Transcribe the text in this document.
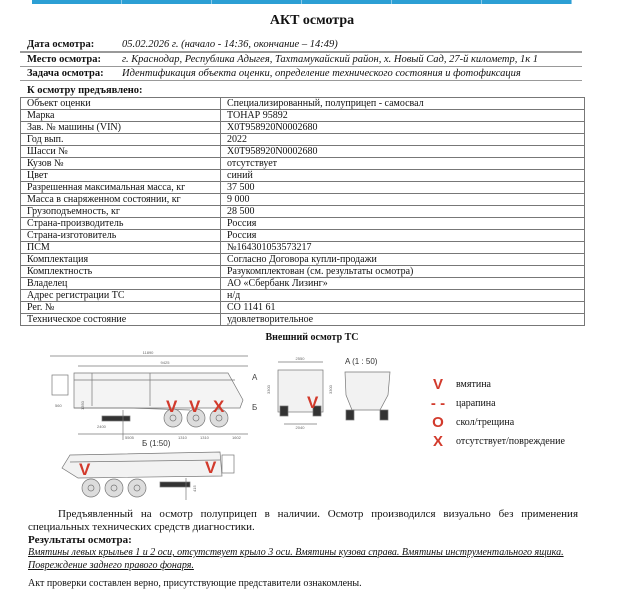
АКТ осмотра
Дата осмотра:	05.02.2026 г. (начало - 14:36, окончание – 14:49)
Место осмотра:	г. Краснодар, Республика Адыгея, Тахтамукайский район, х. Новый Сад, 27-й километр, 1к 1
Задача осмотра:	Идентификация объекта оценки, определение технического состояния и фотофиксация
К осмотру предъявлено:
Объект оценки	Специализированный, полуприцеп - самосвал
Марка	ТОНАР 95892
Зав. № машины (VIN)	X0T958920N0002680
Год вып.	2022
Шасси №	X0T958920N0002680
Кузов №	отсутствует
Цвет	синий
Разрешенная максимальная масса, кг	37 500
Масса в снаряженном состоянии, кг	9 000
Грузоподъемность, кг	28 500
Страна-производитель	Россия
Страна-изготовитель	Россия
ПСМ	№164301053573217
Комплектация	Согласно Договора купли-продажи
Комплектность	Разукомплектован (см. результаты осмотра)
Владелец	АО «Сбербанк Лизинг»
Адрес регистрации ТС	н/д
Рег. №	СО 1141 61
Техническое состояние	удовлетворительное
Внешний осмотр ТС
11890
9425
2400
5505	1310	1310	1602
560	1350
A
Б
2550
2040
3300	3300
A (1 : 50)
Б (1:50)
415
V V X	V
V	V
V	вмятина
- -	царапина
O	скол/трещина
X	отсутствует/повреждение
Предъявленный на осмотр полуприцеп в наличии. Осмотр производился визуально без применения специальных технических средств диагностики.
Результаты осмотра:
Вмятины левых крыльев 1 и 2 оси, отсутствует крыло 3 оси. Вмятины кузова справа. Вмятины инструментального ящика. Повреждение заднего правого фонаря.
Акт проверки составлен верно, присутствующие представители ознакомлены.
